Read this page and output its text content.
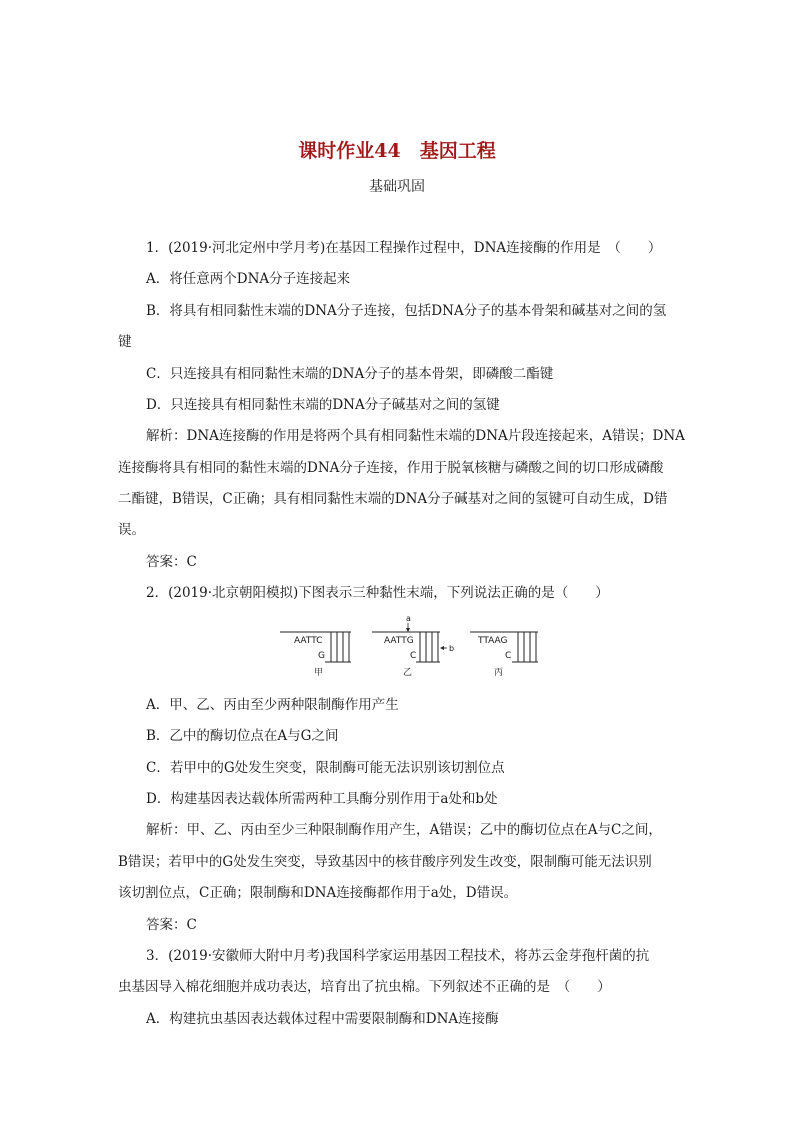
课时作业44　基因工程
基础巩固
1．(2019·河北定州中学月考)在基因工程操作过程中，DNA连接酶的作用是　（　　）
A．将任意两个DNA分子连接起来
B．将具有相同黏性末端的DNA分子连接，包括DNA分子的基本骨架和碱基对之间的氢
键
C．只连接具有相同黏性末端的DNA分子的基本骨架，即磷酸二酯键
D．只连接具有相同黏性末端的DNA分子碱基对之间的氢键
解析：DNA连接酶的作用是将两个具有相同黏性末端的DNA片段连接起来，A错误；DNA
连接酶将具有相同的黏性末端的DNA分子连接，作用于脱氧核糖与磷酸之间的切口形成磷酸
二酯键，B错误，C正确；具有相同黏性末端的DNA分子碱基对之间的氢键可自动生成，D错
误。
答案：C
2．(2019·北京朝阳模拟)下图表示三种黏性末端，下列说法正确的是（　　）
AATTC
G
甲
AATTG
C
a
b
乙
TTAAG
C
丙
A．甲、乙、丙由至少两种限制酶作用产生
B．乙中的酶切位点在A与G之间
C．若甲中的G处发生突变，限制酶可能无法识别该切割位点
D．构建基因表达载体所需两种工具酶分别作用于a处和b处
解析：甲、乙、丙由至少三种限制酶作用产生，A错误；乙中的酶切位点在A与C之间，
B错误；若甲中的G处发生突变，导致基因中的核苷酸序列发生改变，限制酶可能无法识别
该切割位点，C正确；限制酶和DNA连接酶都作用于a处，D错误。
答案：C
3．(2019·安徽师大附中月考)我国科学家运用基因工程技术，将苏云金芽孢杆菌的抗
虫基因导入棉花细胞并成功表达，培育出了抗虫棉。下列叙述不正确的是　（　　）
A．构建抗虫基因表达载体过程中需要限制酶和DNA连接酶
